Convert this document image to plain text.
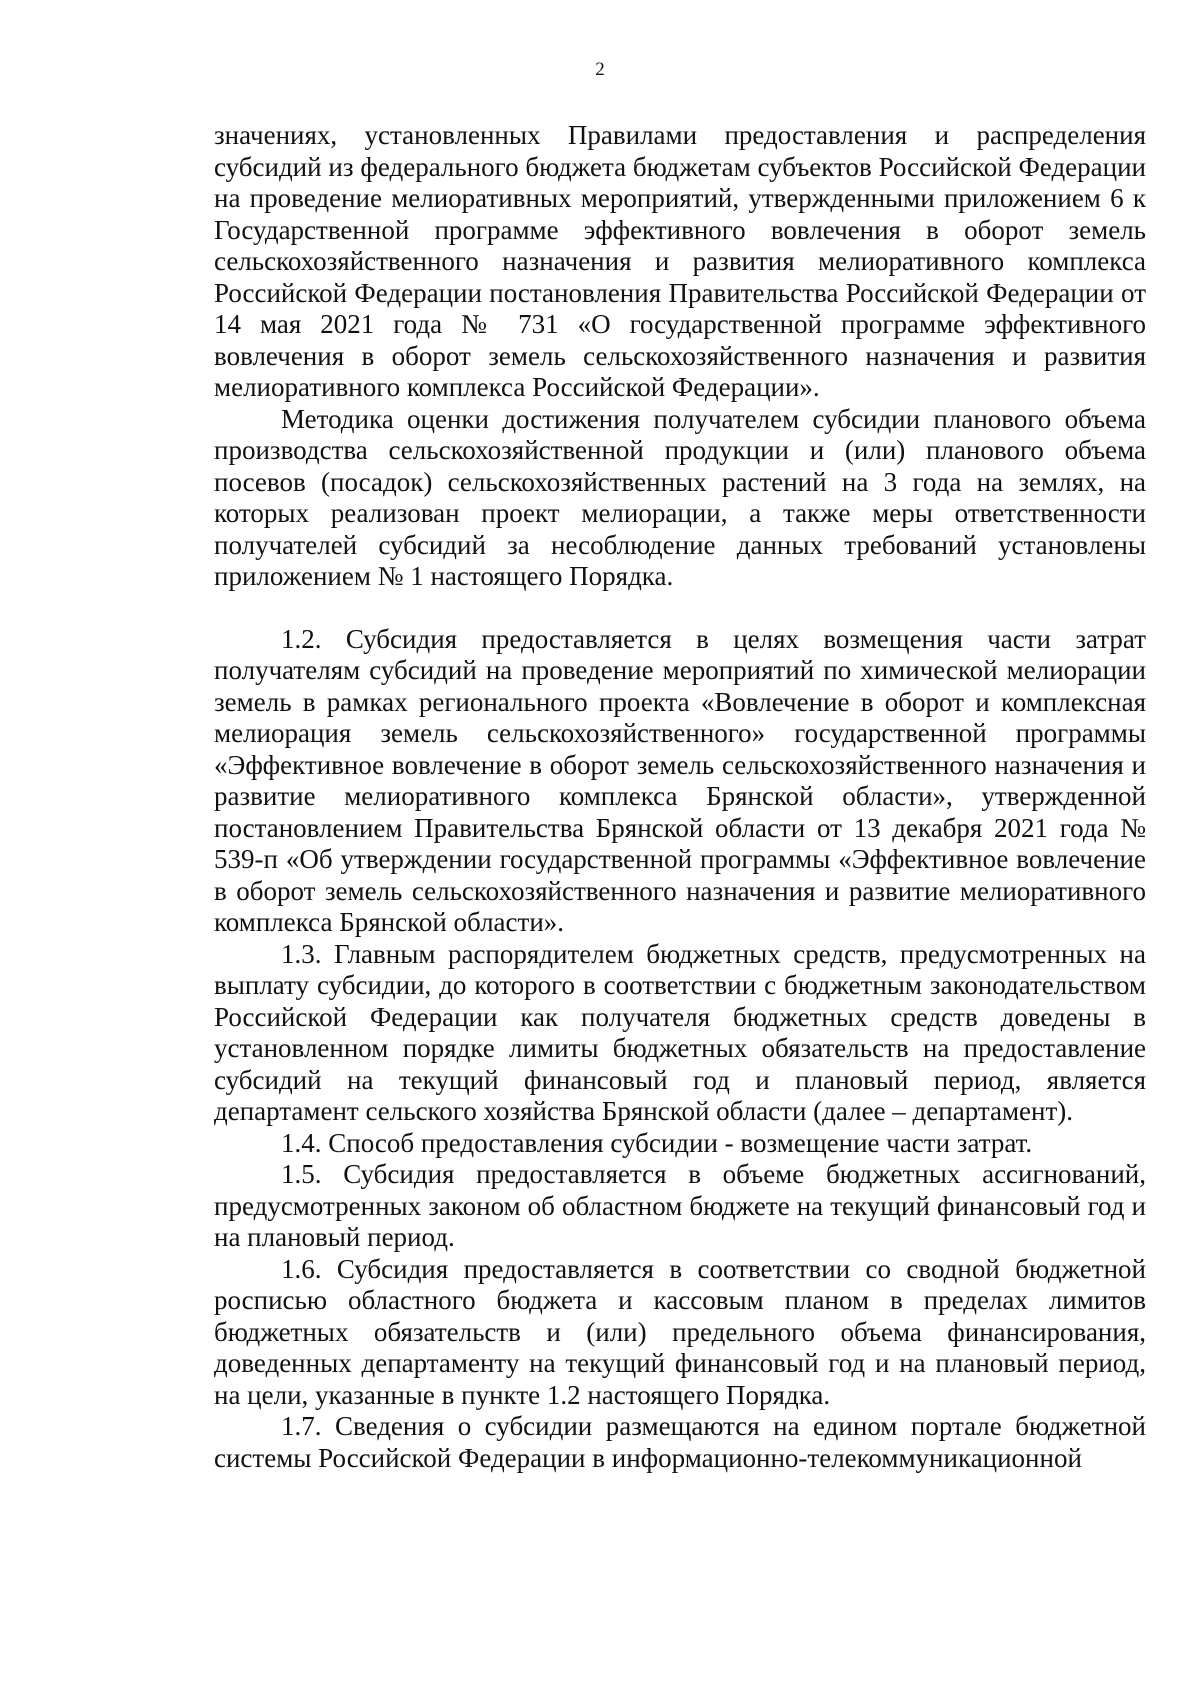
2

значениях, установленных Правилами предоставления и распределения субсидий из федерального бюджета бюджетам субъектов Российской Федерации на проведение мелиоративных мероприятий, утвержденными приложением 6 к Государственной программе эффективного вовлечения в оборот земель сельскохозяйственного назначения и развития мелиоративного комплекса Российской Федерации постановления Правительства Российской Федерации от 14 мая 2021 года № 731 «О государственной программе эффективного вовлечения в оборот земель сельскохозяйственного назначения и развития мелиоративного комплекса Российской Федерации».

Методика оценки достижения получателем субсидии планового объема производства сельскохозяйственной продукции и (или) планового объема посевов (посадок) сельскохозяйственных растений на 3 года на землях, на которых реализован проект мелиорации, а также меры ответственности получателей субсидий за несоблюдение данных требований установлены приложением № 1 настоящего Порядка.

1.2. Субсидия предоставляется в целях возмещения части затрат получателям субсидий на проведение мероприятий по химической мелиорации земель в рамках регионального проекта «Вовлечение в оборот и комплексная мелиорация земель сельскохозяйственного» государственной программы «Эффективное вовлечение в оборот земель сельскохозяйственного назначения и развитие мелиоративного комплекса Брянской области», утвержденной постановлением Правительства Брянской области от 13 декабря 2021 года № 539-п «Об утверждении государственной программы «Эффективное вовлечение в оборот земель сельскохозяйственного назначения и развитие мелиоративного комплекса Брянской области».

1.3. Главным распорядителем бюджетных средств, предусмотренных на выплату субсидии, до которого в соответствии с бюджетным законодательством Российской Федерации как получателя бюджетных средств доведены в установленном порядке лимиты бюджетных обязательств на предоставление субсидий на текущий финансовый год и плановый период, является департамент сельского хозяйства Брянской области (далее – департамент).

1.4. Способ предоставления субсидии - возмещение части затрат.

1.5. Субсидия предоставляется в объеме бюджетных ассигнований, предусмотренных законом об областном бюджете на текущий финансовый год и на плановый период.

1.6. Субсидия предоставляется в соответствии со сводной бюджетной росписью областного бюджета и кассовым планом в пределах лимитов бюджетных обязательств и (или) предельного объема финансирования, доведенных департаменту на текущий финансовый год и на плановый период, на цели, указанные в пункте 1.2 настоящего Порядка.

1.7. Сведения о субсидии размещаются на едином портале бюджетной системы Российской Федерации в информационно-телекоммуникационной
